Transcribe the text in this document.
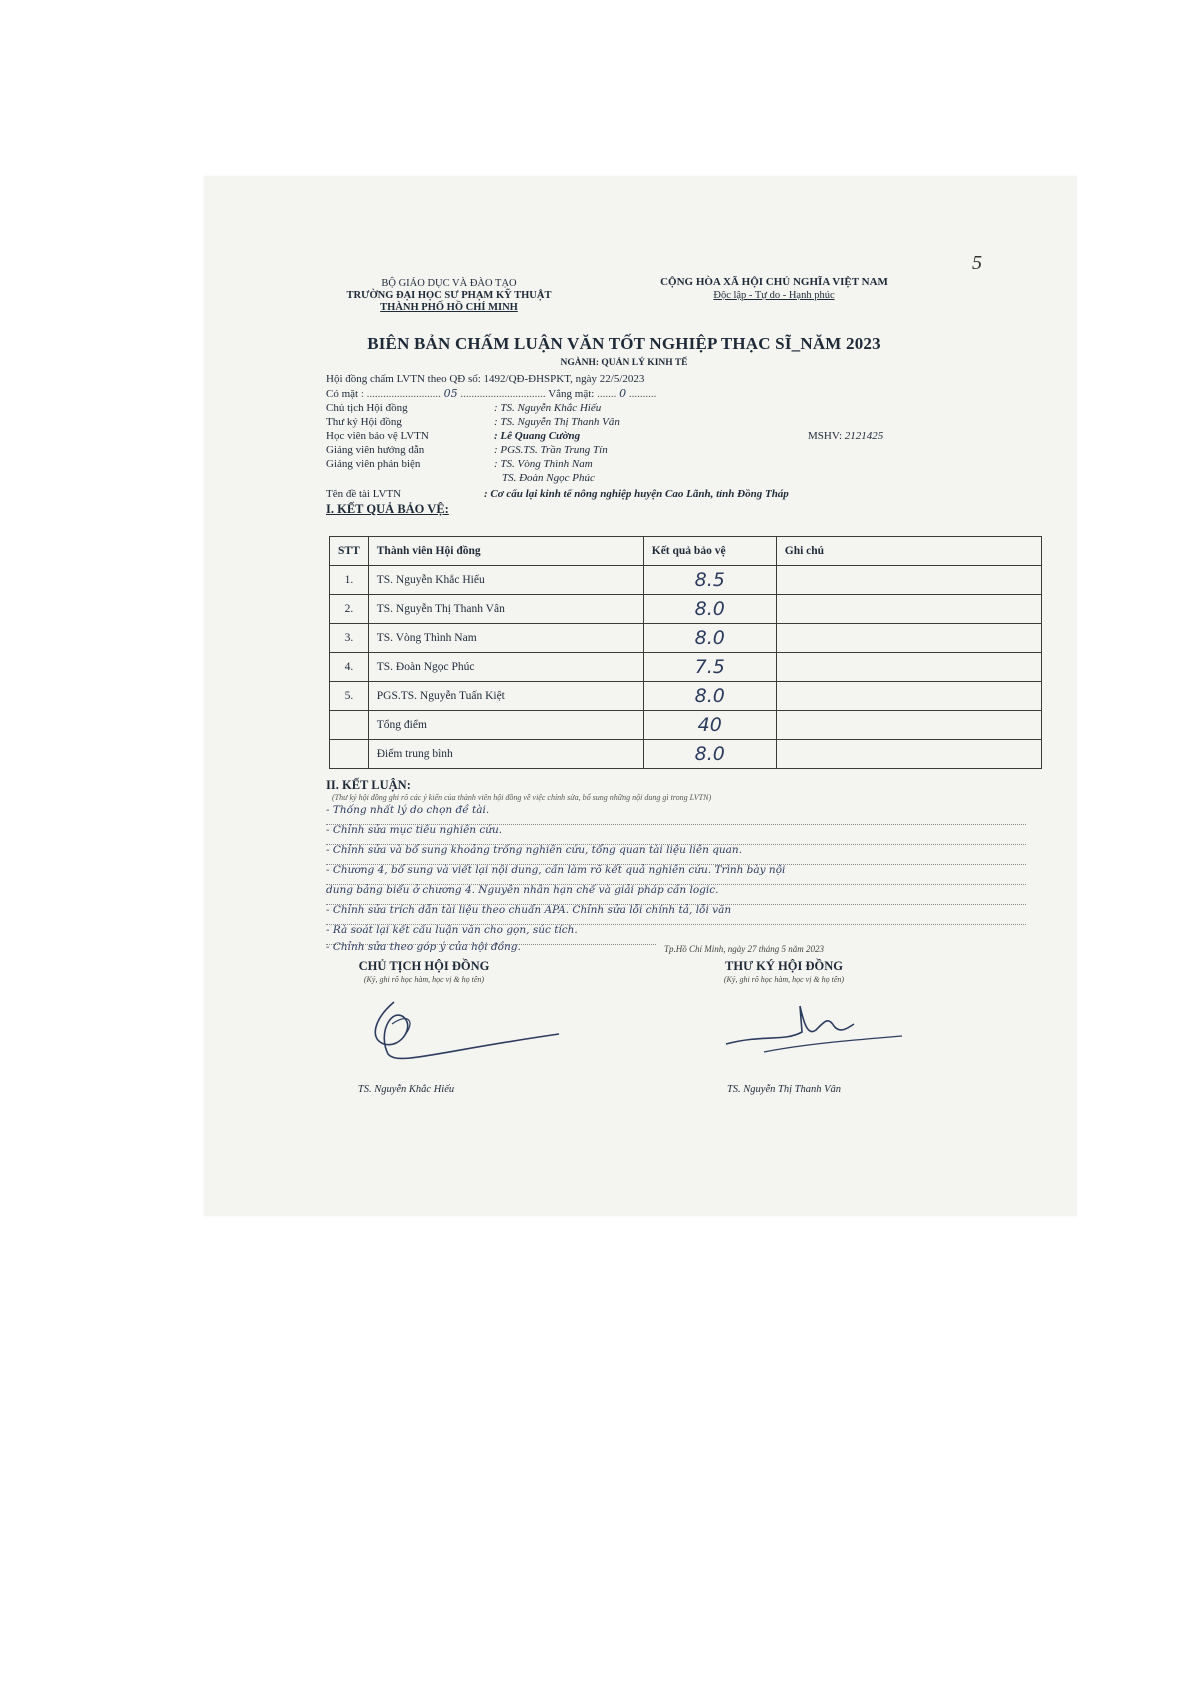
5
BỘ GIÁO DỤC VÀ ĐÀO TẠO
TRƯỜNG ĐẠI HỌC SƯ PHẠM KỸ THUẬT
THÀNH PHỐ HỒ CHÍ MINH
CỘNG HÒA XÃ HỘI CHỦ NGHĨA VIỆT NAM
Độc lập - Tự do - Hạnh phúc
BIÊN BẢN CHẤM LUẬN VĂN TỐT NGHIỆP THẠC SĨ_NĂM 2023
NGÀNH: QUẢN LÝ KINH TẾ
Hội đồng chấm LVTN theo QĐ số: 1492/QĐ-ĐHSPKT, ngày 22/5/2023
Có mặt : ........................... 05 ............................... Vắng mặt: ....... 0 ..........
Chủ tịch Hội đồng	: TS. Nguyễn Khắc Hiếu
Thư ký Hội đồng	: TS. Nguyễn Thị Thanh Vân
Học viên bảo vệ LVTN	: Lê Quang Cường	MSHV: 2121425
Giảng viên hướng dẫn	: PGS.TS. Trần Trung Tín
Giảng viên phản biện	: TS. Vòng Thình Nam
TS. Đoàn Ngọc Phúc
Tên đề tài LVTN	: Cơ cấu lại kinh tế nông nghiệp huyện Cao Lãnh, tỉnh Đồng Tháp
I. KẾT QUẢ BẢO VỆ:
STT	Thành viên Hội đồng	Kết quả bảo vệ	Ghi chú
1.	TS. Nguyễn Khắc Hiếu	8.5	
2.	TS. Nguyễn Thị Thanh Vân	8.0	
3.	TS. Vòng Thình Nam	8.0	
4.	TS. Đoàn Ngọc Phúc	7.5	
5.	PGS.TS. Nguyễn Tuấn Kiệt	8.0	
	Tổng điểm	40	
	Điểm trung bình	8.0	
II. KẾT LUẬN:
(Thư ký hội đồng ghi rõ các ý kiến của thành viên hội đồng về việc chỉnh sửa, bổ sung những nội dung gì trong LVTN)
- Thống nhất lý do chọn đề tài.
- Chỉnh sửa mục tiêu nghiên cứu.
- Chỉnh sửa và bổ sung khoảng trống nghiên cứu, tổng quan tài liệu liên quan.
- Chương 4, bổ sung và viết lại nội dung, cần làm rõ kết quả nghiên cứu. Trình bày nội
dung bảng biểu ở chương 4. Nguyên nhân hạn chế và giải pháp cần logic.
- Chỉnh sửa trích dẫn tài liệu theo chuẩn APA. Chỉnh sửa lỗi chính tả, lỗi văn
- Rà soát lại kết cấu luận văn cho gọn, súc tích.
- Chỉnh sửa theo góp ý của hội đồng.	Tp.Hồ Chí Minh, ngày 27 tháng 5 năm 2023
CHỦ TỊCH HỘI ĐỒNG
(Ký, ghi rõ học hàm, học vị & họ tên)
TS. Nguyễn Khắc Hiếu
THƯ KÝ HỘI ĐỒNG
(Ký, ghi rõ học hàm, học vị & họ tên)
TS. Nguyễn Thị Thanh Vân
